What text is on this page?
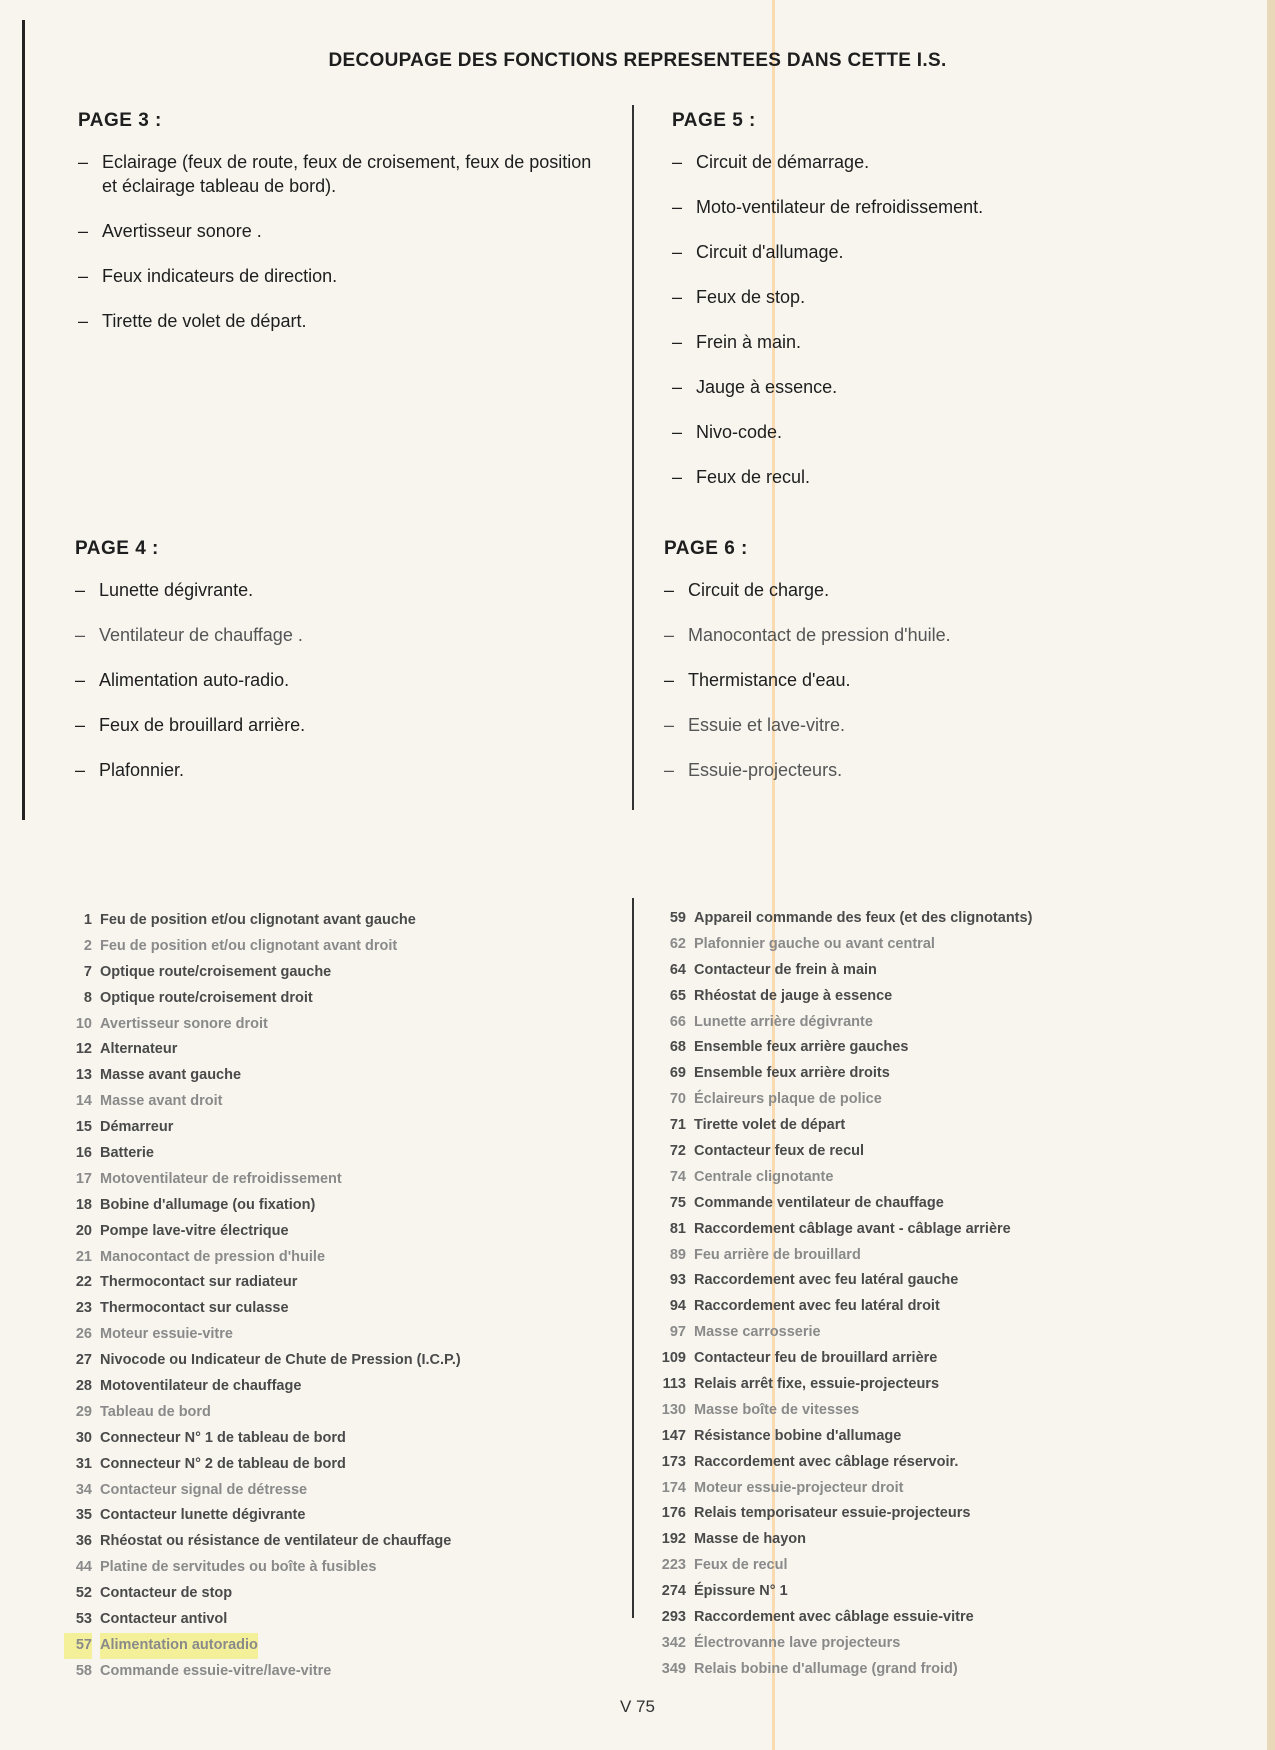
DECOUPAGE DES FONCTIONS REPRESENTEES DANS CETTE I.S.
PAGE 3 :
– Eclairage (feux de route, feux de croisement, feux de position et éclairage tableau de bord).
– Avertisseur sonore .
– Feux indicateurs de direction.
– Tirette de volet de départ.
PAGE 5 :
– Circuit de démarrage.
– Moto-ventilateur de refroidissement.
– Circuit d'allumage.
– Feux de stop.
– Frein à main.
– Jauge à essence.
– Nivo-code.
– Feux de recul.
PAGE 4 :
– Lunette dégivrante.
– Ventilateur de chauffage .
– Alimentation auto-radio.
– Feux de brouillard arrière.
– Plafonnier.
PAGE 6 :
– Circuit de charge.
– Manocontact de pression d'huile.
– Thermistance d'eau.
– Essuie et lave-vitre.
– Essuie-projecteurs.
1 Feu de position et/ou clignotant avant gauche
2 Feu de position et/ou clignotant avant droit
7 Optique route/croisement gauche
8 Optique route/croisement droit
10 Avertisseur sonore droit
12 Alternateur
13 Masse avant gauche
14 Masse avant droit
15 Démarreur
16 Batterie
17 Motoventilateur de refroidissement
18 Bobine d'allumage (ou fixation)
20 Pompe lave-vitre électrique
21 Manocontact de pression d'huile
22 Thermocontact sur radiateur
23 Thermocontact sur culasse
26 Moteur essuie-vitre
27 Nivocode ou Indicateur de Chute de Pression (I.C.P.)
28 Motoventilateur de chauffage
29 Tableau de bord
30 Connecteur N° 1 de tableau de bord
31 Connecteur N° 2 de tableau de bord
34 Contacteur signal de détresse
35 Contacteur lunette dégivrante
36 Rhéostat ou résistance de ventilateur de chauffage
44 Platine de servitudes ou boîte à fusibles
52 Contacteur de stop
53 Contacteur antivol
57 Alimentation autoradio
58 Commande essuie-vitre/lave-vitre
59 Appareil commande des feux (et des clignotants)
62 Plafonnier gauche ou avant central
64 Contacteur de frein à main
65 Rhéostat de jauge à essence
66 Lunette arrière dégivrante
68 Ensemble feux arrière gauches
69 Ensemble feux arrière droits
70 Éclaireurs plaque de police
71 Tirette volet de départ
72 Contacteur feux de recul
74 Centrale clignotante
75 Commande ventilateur de chauffage
81 Raccordement câblage avant - câblage arrière
89 Feu arrière de brouillard
93 Raccordement avec feu latéral gauche
94 Raccordement avec feu latéral droit
97 Masse carrosserie
109 Contacteur feu de brouillard arrière
113 Relais arrêt fixe, essuie-projecteurs
130 Masse boîte de vitesses
147 Résistance bobine d'allumage
173 Raccordement avec câblage réservoir.
174 Moteur essuie-projecteur droit
176 Relais temporisateur essuie-projecteurs
192 Masse de hayon
223 Feux de recul
274 Épissure N° 1
293 Raccordement avec câblage essuie-vitre
342 Électrovanne lave projecteurs
349 Relais bobine d'allumage (grand froid)
V 75
